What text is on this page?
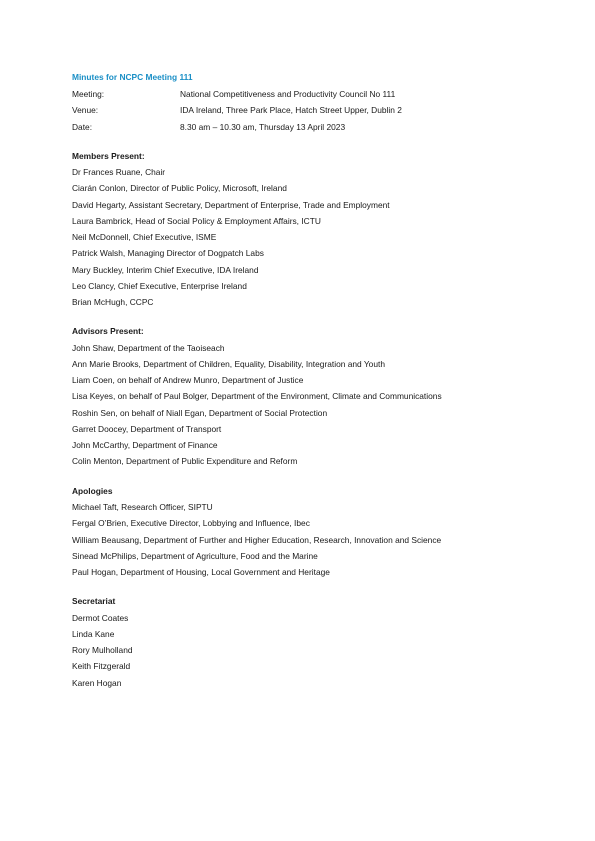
Minutes for NCPC Meeting 111
Meeting:	National Competitiveness and Productivity Council No 111
Venue:	IDA Ireland, Three Park Place, Hatch Street Upper, Dublin 2
Date:	8.30 am – 10.30 am, Thursday 13 April 2023
Members Present:
Dr Frances Ruane, Chair
Ciarán Conlon, Director of Public Policy, Microsoft, Ireland
David Hegarty, Assistant Secretary, Department of Enterprise, Trade and Employment
Laura Bambrick, Head of Social Policy & Employment Affairs, ICTU
Neil McDonnell, Chief Executive, ISME
Patrick Walsh, Managing Director of Dogpatch Labs
Mary Buckley, Interim Chief Executive, IDA Ireland
Leo Clancy, Chief Executive, Enterprise Ireland
Brian McHugh, CCPC
Advisors Present:
John Shaw, Department of the Taoiseach
Ann Marie Brooks, Department of Children, Equality, Disability, Integration and Youth
Liam Coen, on behalf of Andrew Munro, Department of Justice
Lisa Keyes, on behalf of Paul Bolger, Department of the Environment, Climate and Communications
Roshin Sen, on behalf of Niall Egan, Department of Social Protection
Garret Doocey, Department of Transport
John McCarthy, Department of Finance
Colin Menton, Department of Public Expenditure and Reform
Apologies
Michael Taft, Research Officer, SIPTU
Fergal O’Brien, Executive Director, Lobbying and Influence, Ibec
William Beausang, Department of Further and Higher Education, Research, Innovation and Science
Sinead McPhilips, Department of Agriculture, Food and the Marine
Paul Hogan, Department of Housing, Local Government and Heritage
Secretariat
Dermot Coates
Linda Kane
Rory Mulholland
Keith Fitzgerald
Karen Hogan
